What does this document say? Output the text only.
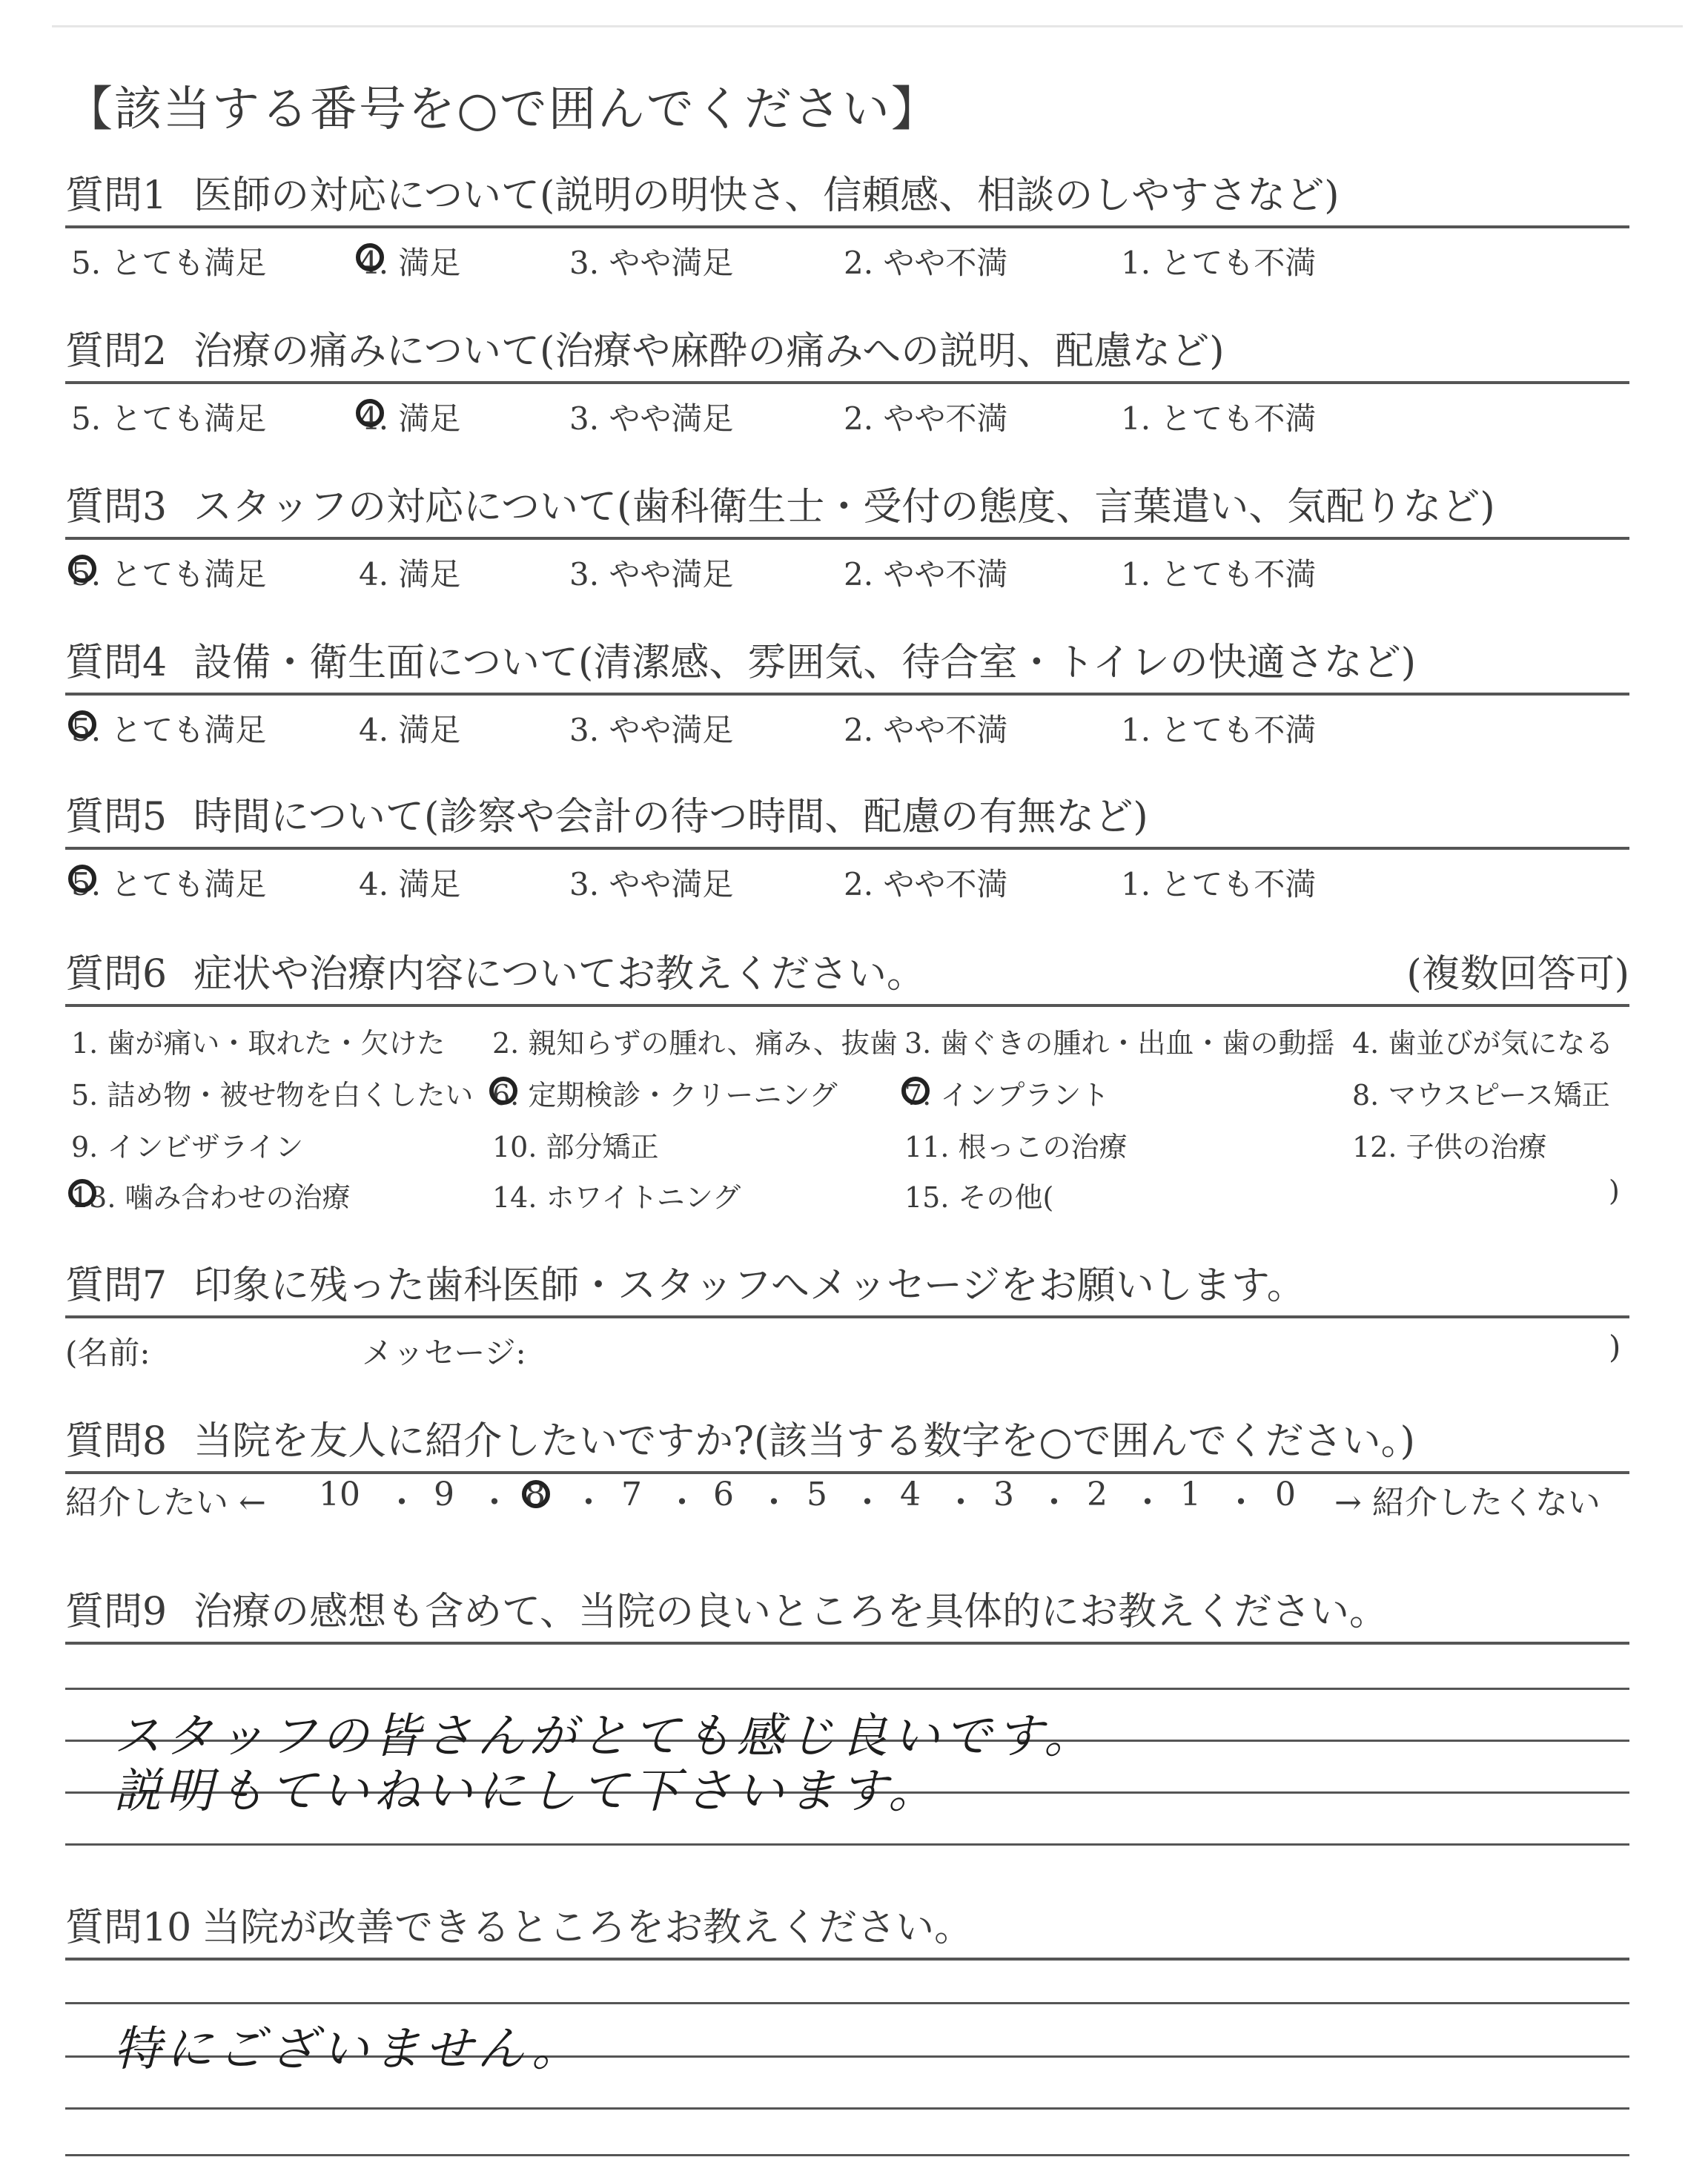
【該当する番号を○で囲んでください】
質問1 医師の対応について(説明の明快さ、信頼感、相談のしやすさなど)
5. とても満足	4. 満足	3. やや満足	2. やや不満	1. とても不満
質問2 治療の痛みについて(治療や麻酔の痛みへの説明、配慮など)
5. とても満足	4. 満足	3. やや満足	2. やや不満	1. とても不満
質問3 スタッフの対応について(歯科衛生士・受付の態度、言葉遣い、気配りなど)
5. とても満足	4. 満足	3. やや満足	2. やや不満	1. とても不満
質問4 設備・衛生面について(清潔感、雰囲気、待合室・トイレの快適さなど)
5. とても満足	4. 満足	3. やや満足	2. やや不満	1. とても不満
質問5 時間について(診察や会計の待つ時間、配慮の有無など)
5. とても満足	4. 満足	3. やや満足	2. やや不満	1. とても不満
質問6 症状や治療内容についてお教えください。	(複数回答可)
1. 歯が痛い・取れた・欠けた 2. 親知らずの腫れ、痛み、抜歯 3. 歯ぐきの腫れ・出血・歯の動揺 4. 歯並びが気になる
5. 詰め物・被せ物を白くしたい 6. 定期検診・クリーニング 7. インプラント	8. マウスピース矯正
9. インビザライン	10. 部分矯正	11. 根っこの治療	12. 子供の治療
13. 噛み合わせの治療	14. ホワイトニング	15. その他(	)
質問7 印象に残った歯科医師・スタッフへメッセージをお願いします。
(名前:	メッセージ:	)
質問8 当院を友人に紹介したいですか?(該当する数字を○で囲んでください。)
紹介したい ← 10 ・ 9 ・ 8 ・ 7 ・ 6 ・ 5 ・ 4 ・ 3 ・ 2 ・ 1 ・ 0 → 紹介したくない
質問9 治療の感想も含めて、当院の良いところを具体的にお教えください。
スタッフの皆さんがとても感じ良いです。
説明もていねいにして下さいます。
質問10 当院が改善できるところをお教えください。
特にございません。
